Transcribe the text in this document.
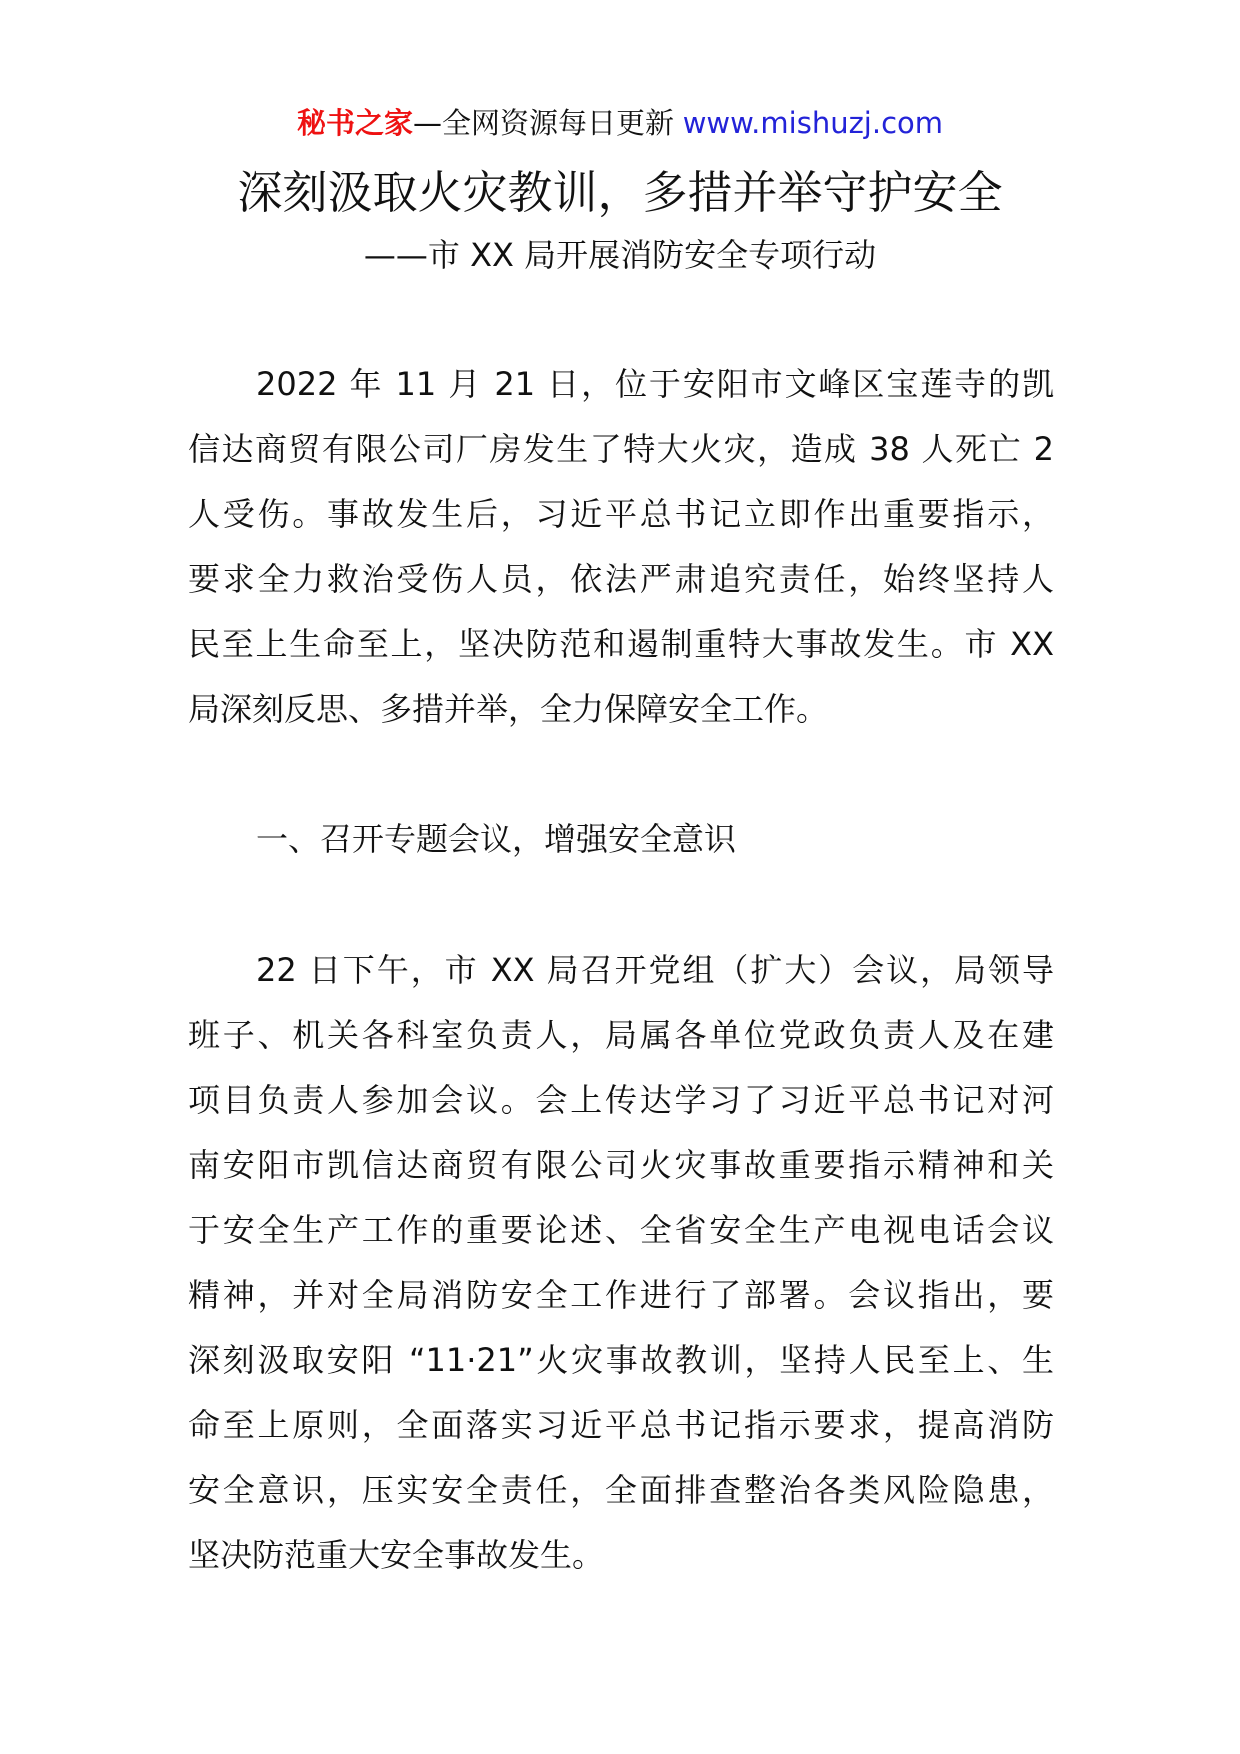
秘书之家—全网资源每日更新 www.mishuzj.com
深刻汲取火灾教训，多措并举守护安全
——市 XX 局开展消防安全专项行动
2022 年 11 月 21 日，位于安阳市文峰区宝莲寺的凯
信达商贸有限公司厂房发生了特大火灾，造成 38 人死亡 2
人受伤。事故发生后，习近平总书记立即作出重要指示，
要求全力救治受伤人员，依法严肃追究责任，始终坚持人
民至上生命至上，坚决防范和遏制重特大事故发生。市 XX
局深刻反思、多措并举，全力保障安全工作。
一、召开专题会议，增强安全意识
22 日下午，市 XX 局召开党组（扩大）会议，局领导
班子、机关各科室负责人，局属各单位党政负责人及在建
项目负责人参加会议。会上传达学习了习近平总书记对河
南安阳市凯信达商贸有限公司火灾事故重要指示精神和关
于安全生产工作的重要论述、全省安全生产电视电话会议
精神，并对全局消防安全工作进行了部署。会议指出，要
深刻汲取安阳 “11·21”火灾事故教训，坚持人民至上、生
命至上原则，全面落实习近平总书记指示要求，提高消防
安全意识，压实安全责任，全面排查整治各类风险隐患，
坚决防范重大安全事故发生。
